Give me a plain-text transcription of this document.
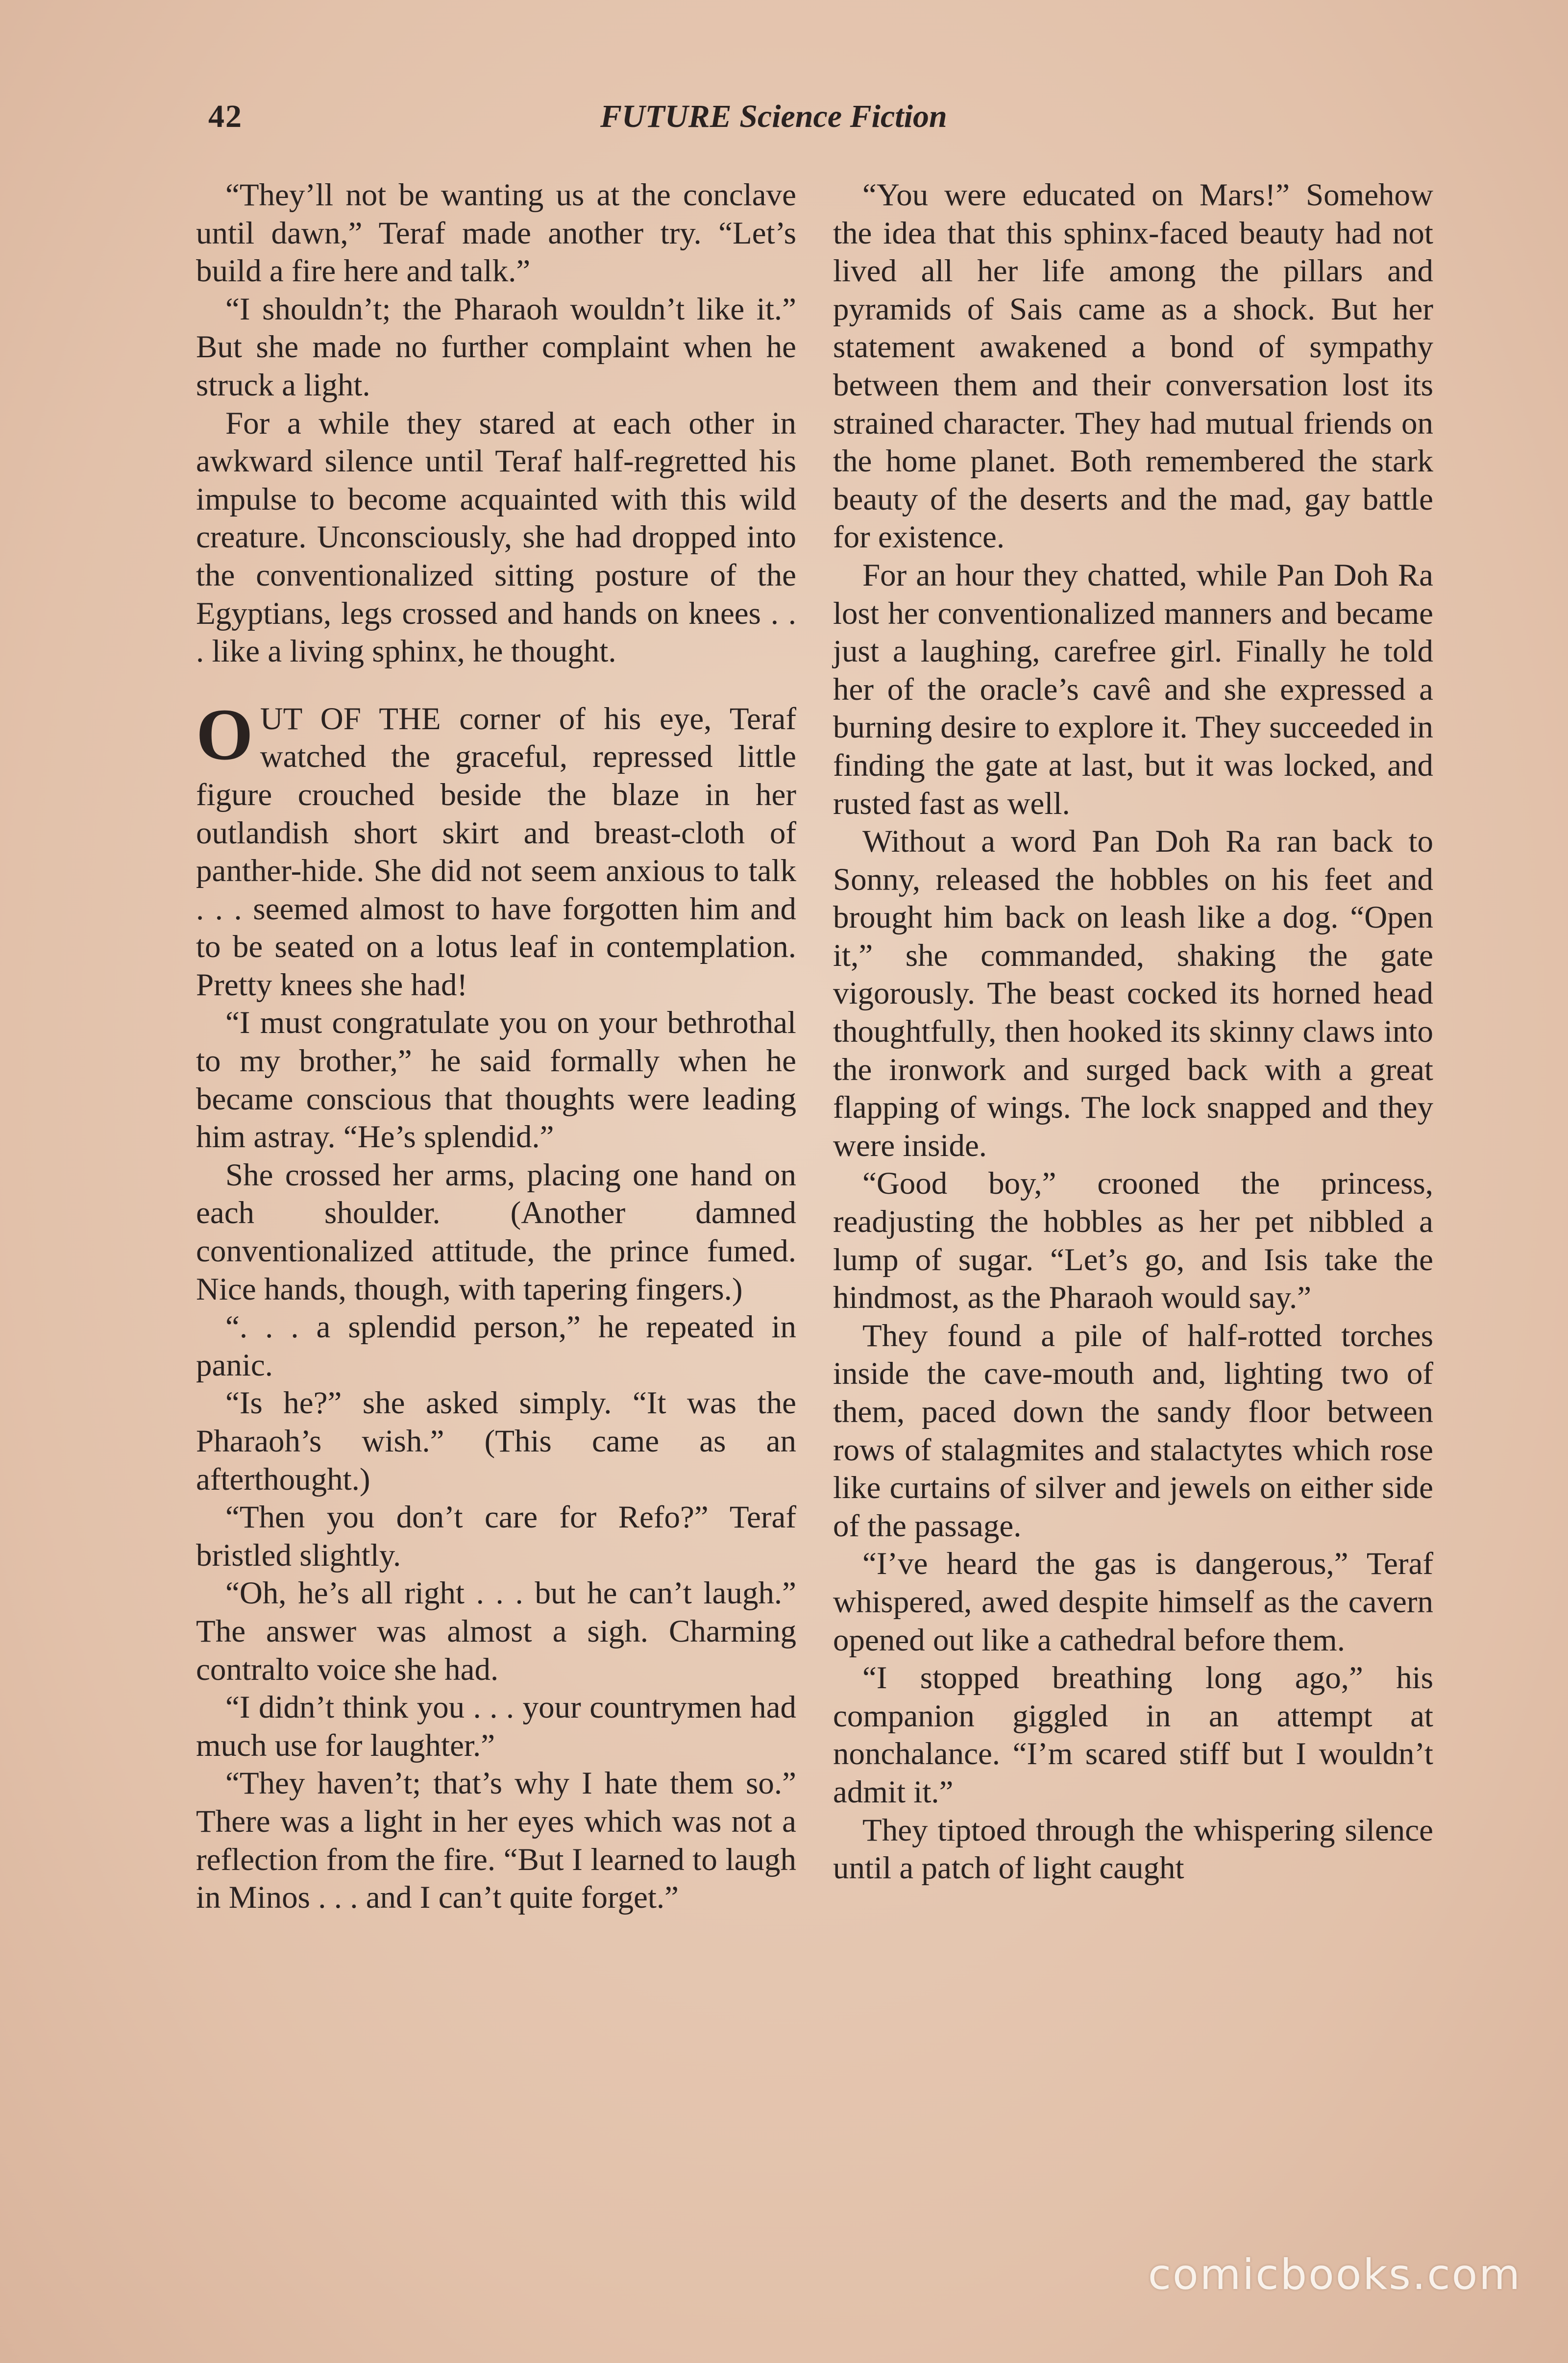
42	FUTURE Science Fiction

“They’ll not be wanting us at the conclave until dawn,” Teraf made another try. “Let’s build a fire here and talk.”

“I shouldn’t; the Pharaoh wouldn’t like it.” But she made no further complaint when he struck a light.

For a while they stared at each other in awkward silence until Teraf half-regretted his impulse to become acquainted with this wild creature. Unconsciously, she had dropped into the conventionalized sitting posture of the Egyptians, legs crossed and hands on knees . . . like a living sphinx, he thought.

OUT OF THE corner of his eye, Teraf watched the graceful, repressed little figure crouched beside the blaze in her outlandish short skirt and breast-cloth of panther-hide. She did not seem anxious to talk . . . seemed almost to have forgotten him and to be seated on a lotus leaf in contemplation. Pretty knees she had!

“I must congratulate you on your bethrothal to my brother,” he said formally when he became conscious that thoughts were leading him astray. “He’s splendid.”

She crossed her arms, placing one hand on each shoulder. (Another damned conventionalized attitude, the prince fumed. Nice hands, though, with tapering fingers.)

“. . . a splendid person,” he repeated in panic.

“Is he?” she asked simply. “It was the Pharaoh’s wish.” (This came as an afterthought.)

“Then you don’t care for Refo?” Teraf bristled slightly.

“Oh, he’s all right . . . but he can’t laugh.” The answer was almost a sigh. Charming contralto voice she had.

“I didn’t think you . . . your countrymen had much use for laughter.”

“They haven’t; that’s why I hate them so.” There was a light in her eyes which was not a reflection from the fire. “But I learned to laugh in Minos . . . and I can’t quite forget.”

“You were educated on Mars!” Somehow the idea that this sphinx-faced beauty had not lived all her life among the pillars and pyramids of Sais came as a shock. But her statement awakened a bond of sympathy between them and their conversation lost its strained character. They had mutual friends on the home planet. Both remembered the stark beauty of the deserts and the mad, gay battle for existence.

For an hour they chatted, while Pan Doh Ra lost her conventionalized manners and became just a laughing, carefree girl. Finally he told her of the oracle’s cavê and she expressed a burning desire to explore it. They succeeded in finding the gate at last, but it was locked, and rusted fast as well.

Without a word Pan Doh Ra ran back to Sonny, released the hobbles on his feet and brought him back on leash like a dog. “Open it,” she commanded, shaking the gate vigorously. The beast cocked its horned head thoughtfully, then hooked its skinny claws into the ironwork and surged back with a great flapping of wings. The lock snapped and they were inside.

“Good boy,” crooned the princess, readjusting the hobbles as her pet nibbled a lump of sugar. “Let’s go, and Isis take the hindmost, as the Pharaoh would say.”

They found a pile of half-rotted torches inside the cave-mouth and, lighting two of them, paced down the sandy floor between rows of stalagmites and stalactytes which rose like curtains of silver and jewels on either side of the passage.

“I’ve heard the gas is dangerous,” Teraf whispered, awed despite himself as the cavern opened out like a cathedral before them.

“I stopped breathing long ago,” his companion giggled in an attempt at nonchalance. “I’m scared stiff but I wouldn’t admit it.”

They tiptoed through the whispering silence until a patch of light caught

comicbooks.com
